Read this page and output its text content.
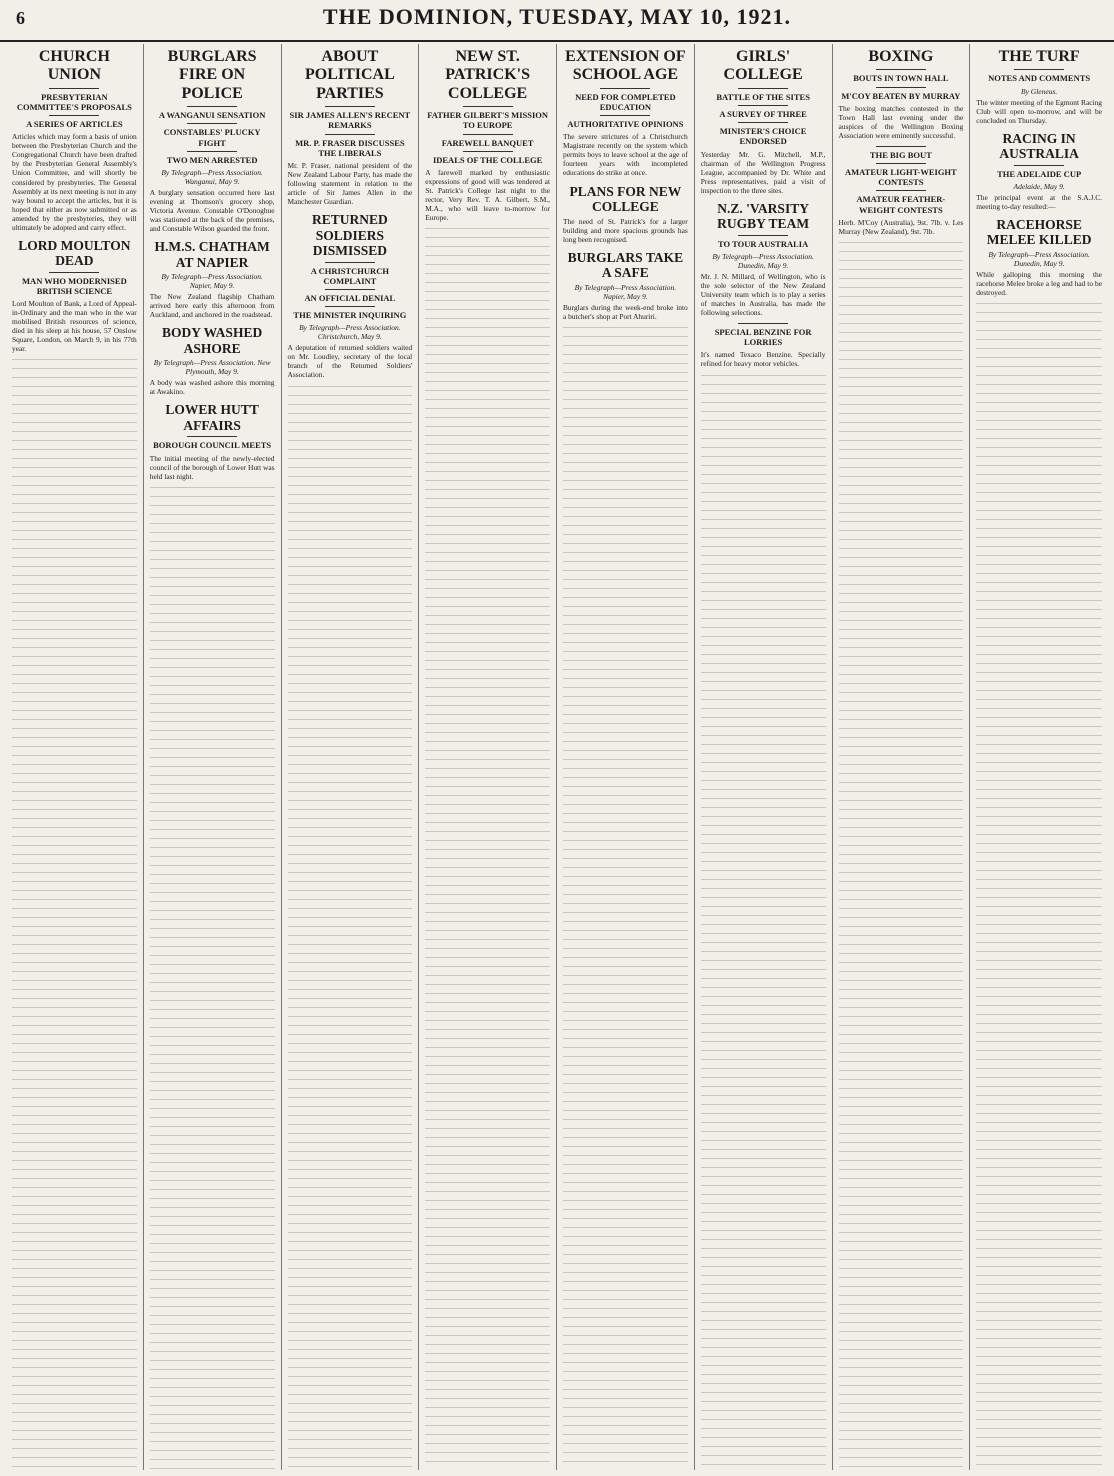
6	THE DOMINION, TUESDAY, MAY 10, 1921.
CHURCH UNION
PRESBYTERIAN COMMITTEE'S PROPOSALS
A SERIES OF ARTICLES

Articles which may form a basis of union between the Presbyterian Church and the Congregational Church have been drafted by the Presbyterian General Assembly's Union Committee, and will shortly be considered by presbyteries. The General Assembly at its next meeting is not in any way bound to accept the articles, but it is hoped that either as now submitted or as amended by the presbyteries, they will ultimately be adopted and carry effect.

LORD MOULTON DEAD
MAN WHO MODERNISED BRITISH SCIENCE

Lord Moulton of Bank, a Lord of Appeal-in-Ordinary and the man who in the war mobilised British resources of science, died in his sleep at his house, 57 Onslow Square, London, on March 9, in his 77th year.

BURGLARS FIRE ON POLICE
A WANGANUI SENSATION
CONSTABLES' PLUCKY FIGHT
TWO MEN ARRESTED
By Telegraph—Press Association. Wanganui, May 9.

A burglary sensation occurred here last evening at Thomson's grocery shop, Victoria Avenue. Constable O'Donoghue was stationed at the back of the premises, and Constable Wilson guarded the front.

H.M.S. CHATHAM AT NAPIER
By Telegraph—Press Association. Napier, May 9.

The New Zealand flagship Chatham arrived here early this afternoon from Auckland, and anchored in the roadstead.

BODY WASHED ASHORE
By Telegraph—Press Association. New Plymouth, May 9.

A body was washed ashore this morning at Awakino.

LOWER HUTT AFFAIRS
BOROUGH COUNCIL MEETS

The initial meeting of the newly-elected council of the borough of Lower Hutt was held last night.

ABOUT POLITICAL PARTIES
SIR JAMES ALLEN'S RECENT REMARKS
MR. P. FRASER DISCUSSES THE LIBERALS

Mr. P. Fraser, national president of the New Zealand Labour Party, has made the following statement in relation to the article of Sir James Allen in the Manchester Guardian.

RETURNED SOLDIERS DISMISSED
A CHRISTCHURCH COMPLAINT
AN OFFICIAL DENIAL
THE MINISTER INQUIRING
By Telegraph—Press Association. Christchurch, May 9.

A deputation of returned soldiers waited on Mr. Loudley, secretary of the local branch of the Returned Soldiers' Association.

NEW ST. PATRICK'S COLLEGE
FATHER GILBERT'S MISSION TO EUROPE
FAREWELL BANQUET
IDEALS OF THE COLLEGE

A farewell marked by enthusiastic expressions of good will was tendered at St. Patrick's College last night to the rector, Very Rev. T. A. Gilbert, S.M., M.A., who will leave to-morrow for Europe.

EXTENSION OF SCHOOL AGE
NEED FOR COMPLETED EDUCATION
AUTHORITATIVE OPINIONS

The severe strictures of a Christchurch Magistrate recently on the system which permits boys to leave school at the age of fourteen years with incompleted educations do strike at once.

PLANS FOR NEW COLLEGE

The need of St. Patrick's for a larger building and more spacious grounds has long been recognised.

BURGLARS TAKE A SAFE
By Telegraph—Press Association. Napier, May 9.

Burglars during the week-end broke into a butcher's shop at Port Ahuriri.

GIRLS' COLLEGE
BATTLE OF THE SITES
A SURVEY OF THREE
MINISTER'S CHOICE ENDORSED

Yesterday Mr. G. Mitchell, M.P., chairman of the Wellington Progress League, accompanied by Dr. White and Press representatives, paid a visit of inspection to the three sites.

N.Z. 'VARSITY RUGBY TEAM
TO TOUR AUSTRALIA
By Telegraph—Press Association. Dunedin, May 9.

Mr. J. N. Millard, of Wellington, who is the sole selector of the New Zealand University team which is to play a series of matches in Australia, has made the following selections.

SPECIAL BENZINE FOR LORRIES

It's named Texaco Benzine. Specially refined for heavy motor vehicles.

BOXING
BOUTS IN TOWN HALL
M'COY BEATEN BY MURRAY

The boxing matches contested in the Town Hall last evening under the auspices of the Wellington Boxing Association were eminently successful.

THE BIG BOUT
AMATEUR LIGHT-WEIGHT CONTESTS
AMATEUR FEATHER-WEIGHT CONTESTS

Herb. M'Coy (Australia), 9st. 7lb. v. Les Murray (New Zealand), 9st. 7lb.

THE TURF
NOTES AND COMMENTS
By Gleneus.

The winter meeting of the Egmont Racing Club will open to-morrow, and will be concluded on Thursday.

RACING IN AUSTRALIA
THE ADELAIDE CUP
Adelaide, May 9.

The principal event at the S.A.J.C. meeting to-day resulted:—

RACEHORSE MELEE KILLED
By Telegraph—Press Association. Dunedin, May 9.

While galloping this morning the racehorse Melee broke a leg and had to be destroyed.
